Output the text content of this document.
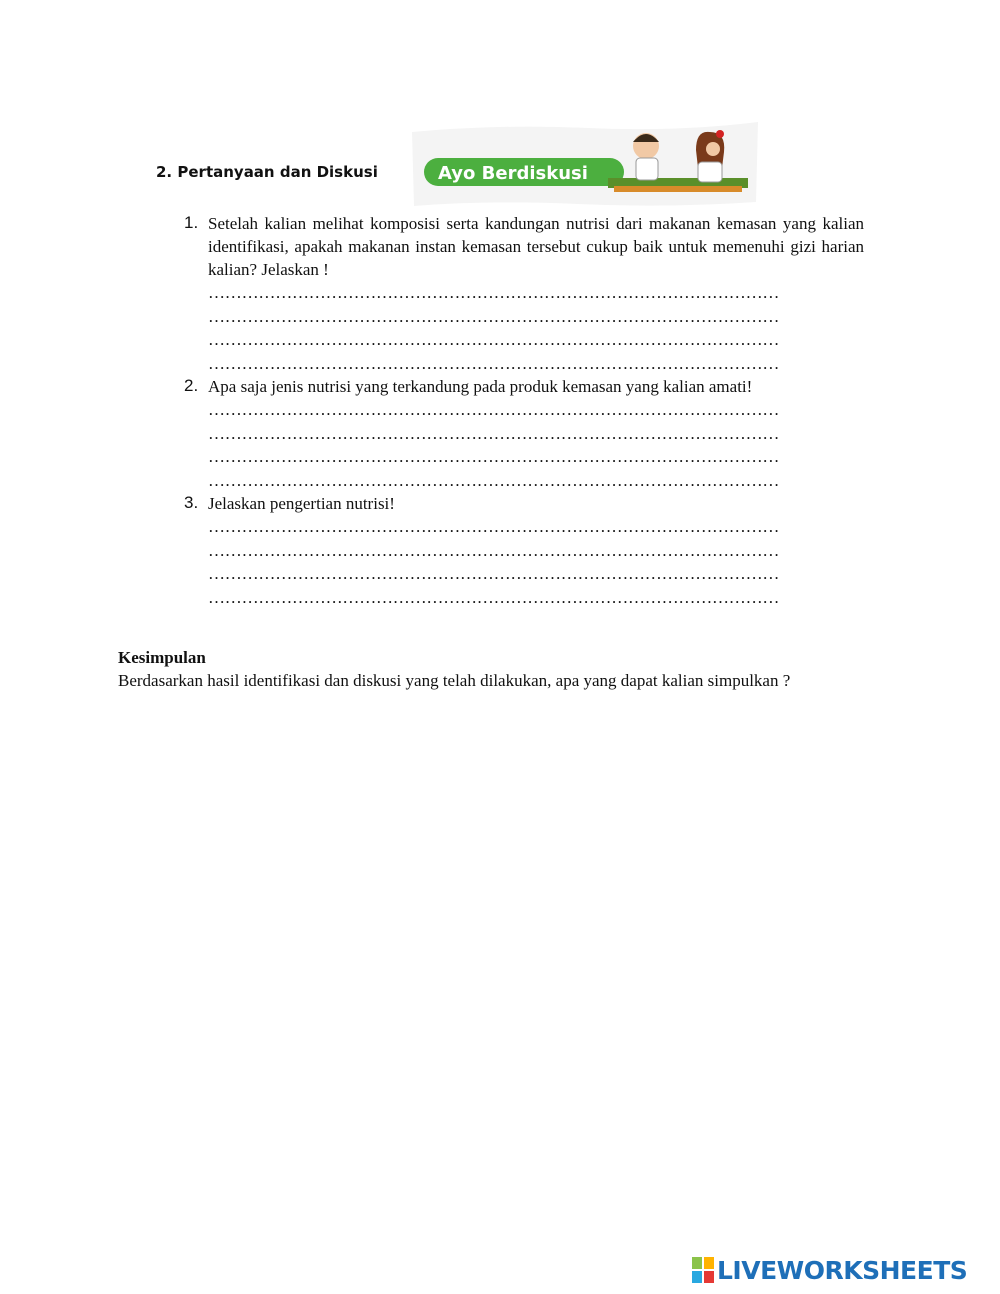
2. Pertanyaan dan Diskusi	Ayo Berdiskusi
1. Setelah kalian melihat komposisi serta kandungan nutrisi dari makanan kemasan yang kalian identifikasi, apakah makanan instan kemasan tersebut cukup baik untuk memenuhi gizi harian kalian? Jelaskan !
…………………………………………………………………………………………
…………………………………………………………………………………………
…………………………………………………………………………………………
…………………………………………………………………………………………
2. Apa saja jenis nutrisi yang terkandung pada produk kemasan yang kalian amati!
…………………………………………………………………………………………
…………………………………………………………………………………………
…………………………………………………………………………………………
…………………………………………………………………………………………
3. Jelaskan pengertian nutrisi!
…………………………………………………………………………………………
…………………………………………………………………………………………
…………………………………………………………………………………………
…………………………………………………………………………………………
Kesimpulan
Berdasarkan hasil identifikasi dan diskusi yang telah dilakukan, apa yang dapat kalian simpulkan ?
LIVEWORKSHEETS
